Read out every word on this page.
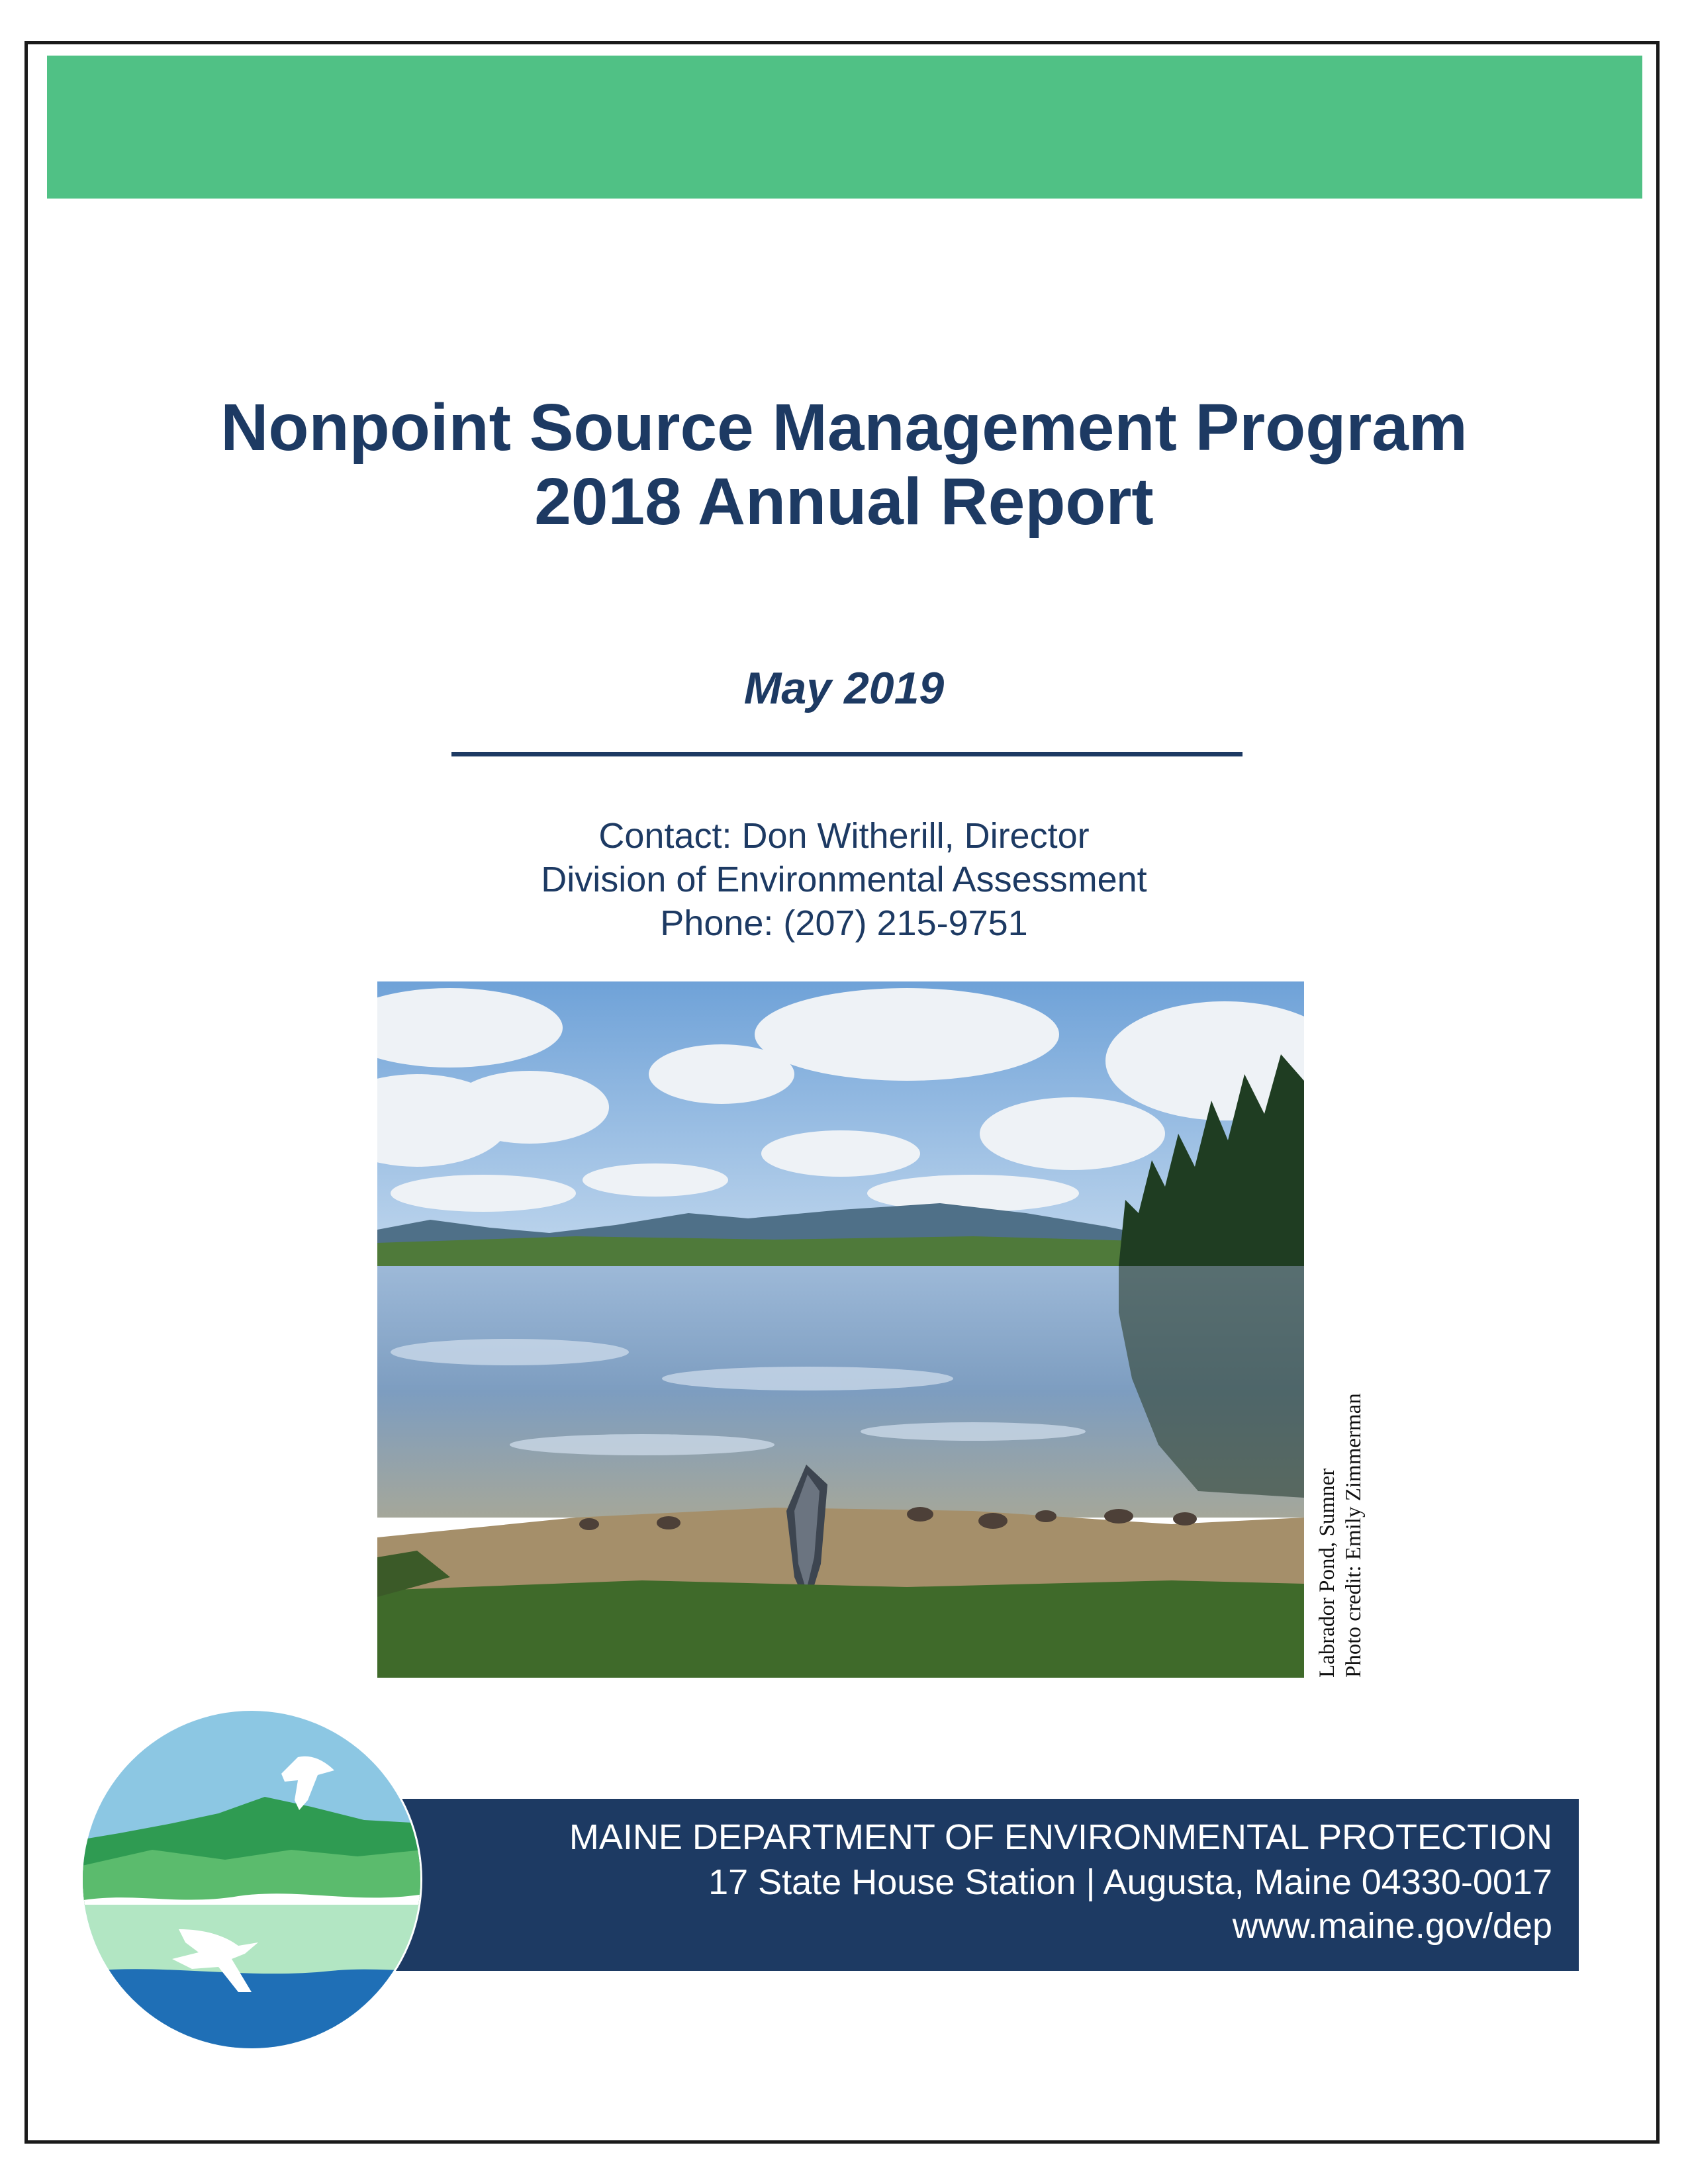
Nonpoint Source Management Program
2018 Annual Report
May 2019
Contact: Don Witherill, Director
Division of Environmental Assessment
Phone: (207) 215-9751
Labrador Pond, Sumner Photo credit: Emily Zimmerman
MAINE DEPARTMENT OF ENVIRONMENTAL PROTECTION
17 State House Station | Augusta, Maine 04330-0017
www.maine.gov/dep
